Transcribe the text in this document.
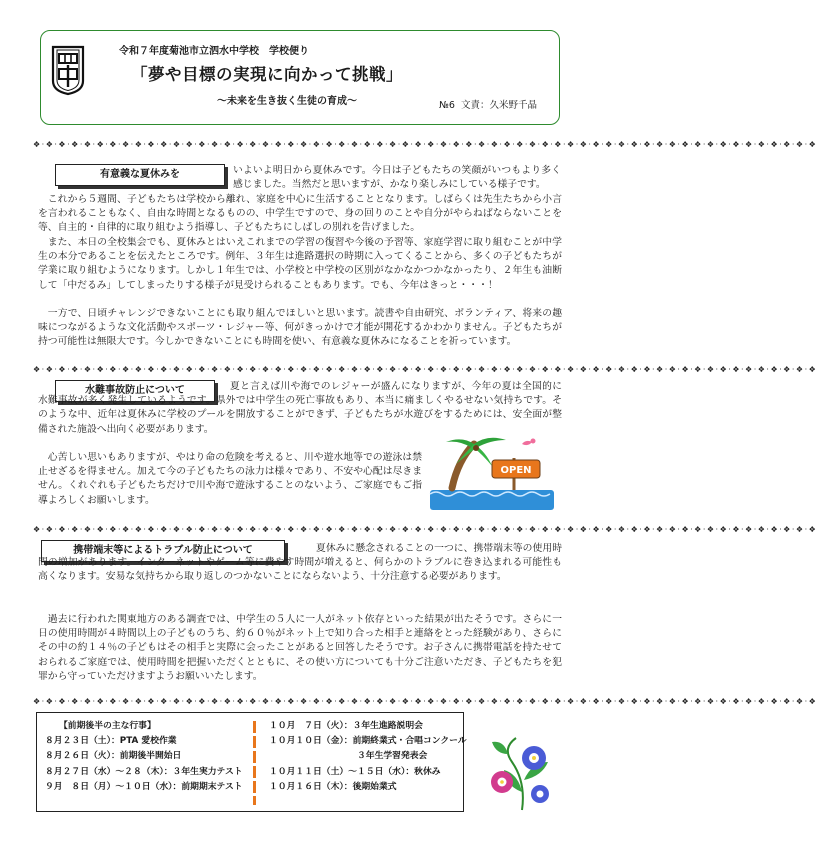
令和７年度菊池市立泗水中学校　学校便り
「夢や目標の実現に向かって挑戦」
〜未来を生き抜く生徒の育成〜	№6 文責：久米野千晶
❖·❖·❖·❖·❖·❖·❖·❖·❖·❖·❖·❖·❖·❖·❖·❖·❖·❖·❖·❖·❖·❖·❖·❖·❖·❖·❖·❖·❖·❖·❖·❖·❖·❖·❖·❖·❖·❖·❖·❖·❖·❖·❖·❖·❖·❖·❖·❖·❖·❖·❖·❖·❖·❖·❖·❖·❖·❖·❖·❖·❖·❖
❖·❖·❖·❖·❖·❖·❖·❖·❖·❖·❖·❖·❖·❖·❖·❖·❖·❖·❖·❖·❖·❖·❖·❖·❖·❖·❖·❖·❖·❖·❖·❖·❖·❖·❖·❖·❖·❖·❖·❖·❖·❖·❖·❖·❖·❖·❖·❖·❖·❖·❖·❖·❖·❖·❖·❖·❖·❖·❖·❖·❖·❖
❖·❖·❖·❖·❖·❖·❖·❖·❖·❖·❖·❖·❖·❖·❖·❖·❖·❖·❖·❖·❖·❖·❖·❖·❖·❖·❖·❖·❖·❖·❖·❖·❖·❖·❖·❖·❖·❖·❖·❖·❖·❖·❖·❖·❖·❖·❖·❖·❖·❖·❖·❖·❖·❖·❖·❖·❖·❖·❖·❖·❖·❖
❖·❖·❖·❖·❖·❖·❖·❖·❖·❖·❖·❖·❖·❖·❖·❖·❖·❖·❖·❖·❖·❖·❖·❖·❖·❖·❖·❖·❖·❖·❖·❖·❖·❖·❖·❖·❖·❖·❖·❖·❖·❖·❖·❖·❖·❖·❖·❖·❖·❖·❖·❖·❖·❖·❖·❖·❖·❖·❖·❖·❖·❖
有意義な夏休みを	いよいよ明日から夏休みです。今日は子どもたちの笑顔がいつもより多く感じました。当然だと思いますが、かなり楽しみにしている様子です。

これから５週間、子どもたちは学校から離れ、家庭を中心に生活することとなります。しばらくは先生たちから小言を言われることもなく、自由な時間となるものの、中学生ですので、身の回りのことや自分がやらねばならないことを等、自主的・自律的に取り組むよう指導し、子どもたちにしばしの別れを告げました。

また、本日の全校集会でも、夏休みとはいえこれまでの学習の復習や今後の予習等、家庭学習に取り組むことが中学生の本分であることを伝えたところです。例年、３年生は進路選択の時期に入ってくることから、多くの子どもたちが学業に取り組むようになります。しかし１年生では、小学校と中学校の区別がなかなかつかなかったり、２年生も油断して「中だるみ」してしまったりする様子が見受けられることもあります。でも、今年はきっと・・・！

一方で、日頃チャレンジできないことにも取り組んでほしいと思います。読書や自由研究、ボランティア、将来の趣味につながるような文化活動やスポーツ・レジャー等、何がきっかけで才能が開花するかわかりません。子どもたちが持つ可能性は無限大です。今しかできないことにも時間を使い、有意義な夏休みになることを祈っています。

水難事故防止について	夏と言えば川や海でのレジャーが盛んになりますが、今年の夏は全国的に水難事故が多く発生しているようです。県外では中学生の死亡事故もあり、本当に痛ましくやるせない気持ちです。そのような中、近年は夏休みに学校のプールを開放することができず、子どもたちが水遊びをするためには、安全面が整備された施設へ出向く必要があります。

心苦しい思いもありますが、やはり命の危険を考えると、川や遊水地等での遊泳は禁止せざるを得ません。加えて今の子どもたちの泳力は様々であり、不安や心配は尽きません。くれぐれも子どもたちだけで川や海で遊泳することのないよう、ご家庭でもご指導よろしくお願いします。

OPEN
携帯端末等によるトラブル防止について	夏休みに懸念されることの一つに、携帯端末等の使用時間の増加があります。インターネットやゲーム等に費やす時間が増えると、何らかのトラブルに巻き込まれる可能性も高くなります。安易な気持ちから取り返しのつかないことにならないよう、十分注意する必要があります。

過去に行われた関東地方のある調査では、中学生の５人に一人がネット依存といった結果が出たそうです。さらに一日の使用時間が４時間以上の子どものうち、約６０％がネット上で知り合った相手と連絡をとった経験があり、さらにその中の約１４％の子どもはその相手と実際に会ったことがあると回答したそうです。お子さんに携帯電話を持たせておられるご家庭では、使用時間を把握いただくとともに、その使い方についても十分ご注意いただき、子どもたちを犯罪から守っていただけますようお願いいたします。

【前期後半の主な行事】
８月２３日（土）：PTA 愛校作業
８月２６日（火）：前期後半開始日
８月２７日（水）〜２８（木）：３年生実力テスト
９月　８日（月）〜１０日（水）：前期期末テスト
１０月　７日（火）：３年生進路説明会
１０月１０日（金）：前期終業式・合唱コンクール
　　　　　　　　　　３年生学習発表会
１０月１１日（土）〜１５日（水）：秋休み
１０月１６日（木）：後期始業式
